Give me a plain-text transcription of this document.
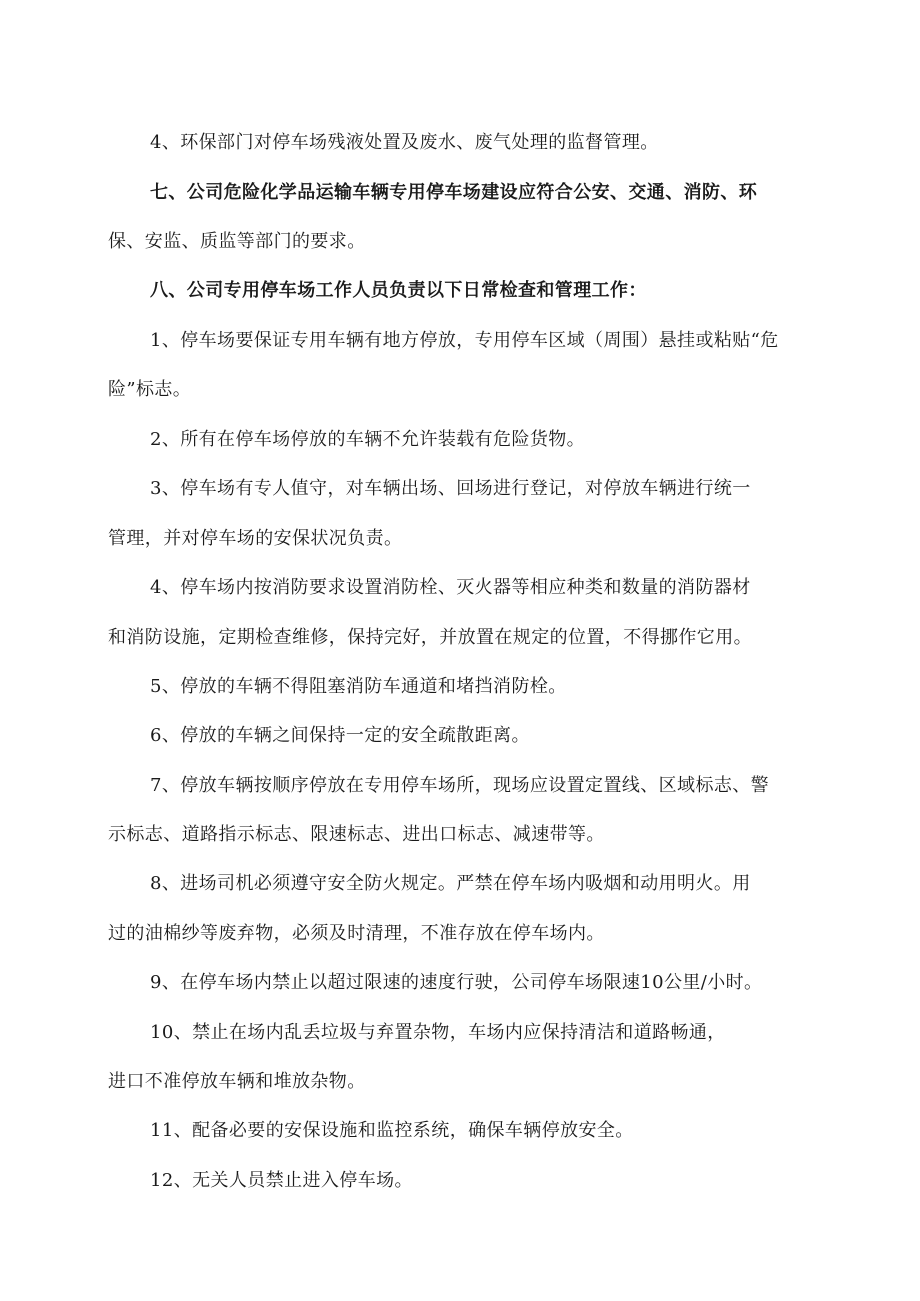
4、环保部门对停车场残液处置及废水、废气处理的监督管理。

七、公司危险化学品运输车辆专用停车场建设应符合公安、交通、消防、环

保、安监、质监等部门的要求。

八、公司专用停车场工作人员负责以下日常检查和管理工作：

1、停车场要保证专用车辆有地方停放，专用停车区域（周围）悬挂或粘贴“危

险”标志。

2、所有在停车场停放的车辆不允许装载有危险货物。

3、停车场有专人值守，对车辆出场、回场进行登记，对停放车辆进行统一

管理，并对停车场的安保状况负责。

4、停车场内按消防要求设置消防栓、灭火器等相应种类和数量的消防器材

和消防设施，定期检查维修，保持完好，并放置在规定的位置，不得挪作它用。

5、停放的车辆不得阻塞消防车通道和堵挡消防栓。

6、停放的车辆之间保持一定的安全疏散距离。

7、停放车辆按顺序停放在专用停车场所，现场应设置定置线、区域标志、警

示标志、道路指示标志、限速标志、进出口标志、减速带等。

8、进场司机必须遵守安全防火规定。严禁在停车场内吸烟和动用明火。用

过的油棉纱等废弃物，必须及时清理，不准存放在停车场内。

9、在停车场内禁止以超过限速的速度行驶，公司停车场限速10公里/小时。

10、禁止在场内乱丢垃圾与弃置杂物，车场内应保持清洁和道路畅通，

进口不准停放车辆和堆放杂物。

11、配备必要的安保设施和监控系统，确保车辆停放安全。

12、无关人员禁止进入停车场。
